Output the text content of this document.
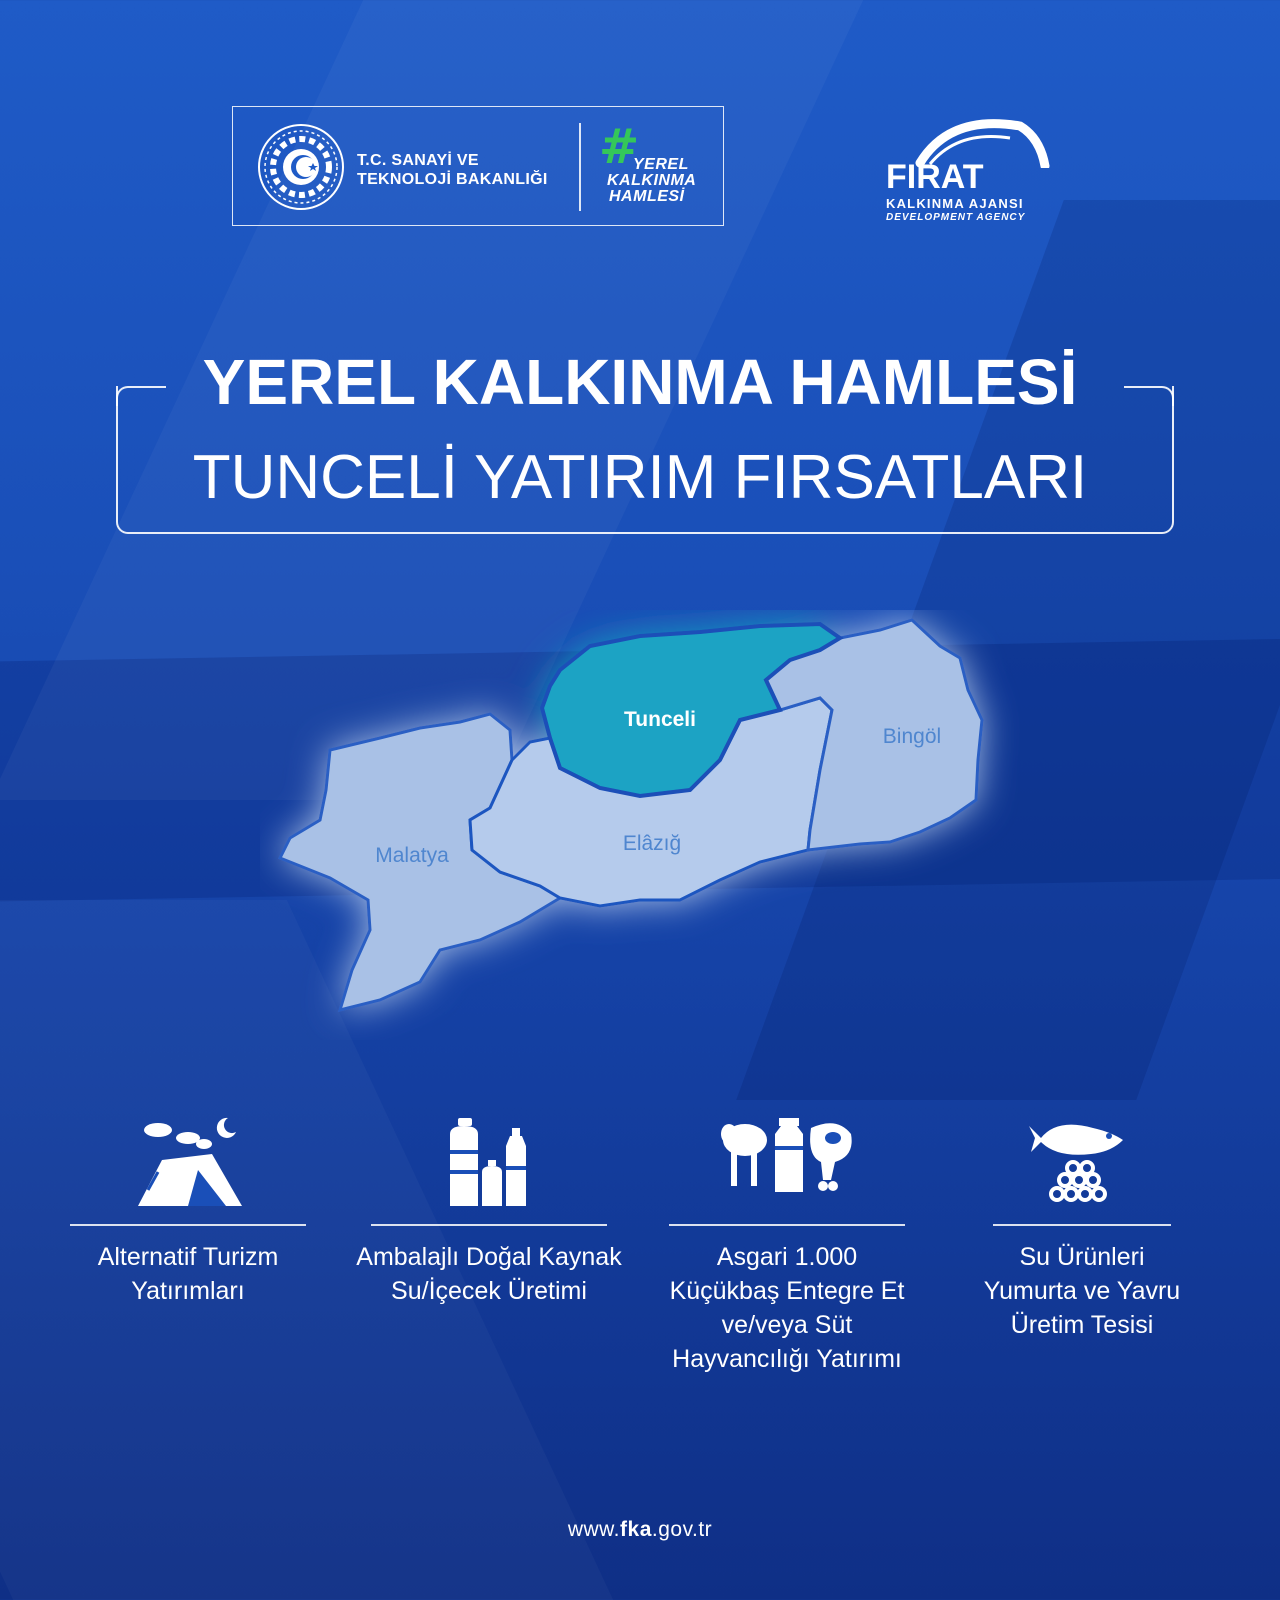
T.C. SANAYİ VE
TEKNOLOJİ BAKANLIĞI
#
YEREL
KALKINMA
HAMLESİ
FIRAT
KALKINMA AJANSI
DEVELOPMENT AGENCY
YEREL KALKINMA HAMLESİ
TUNCELİ YATIRIM FIRSATLARI
Tunceli
Bingöl
Elâzığ
Malatya
Alternatif Turizm
Yatırımları
Ambalajlı Doğal Kaynak
Su/İçecek Üretimi
Asgari 1.000
Küçükbaş Entegre Et
ve/veya Süt
Hayvancılığı Yatırımı
Su Ürünleri
Yumurta ve Yavru
Üretim Tesisi
www.fka.gov.tr
